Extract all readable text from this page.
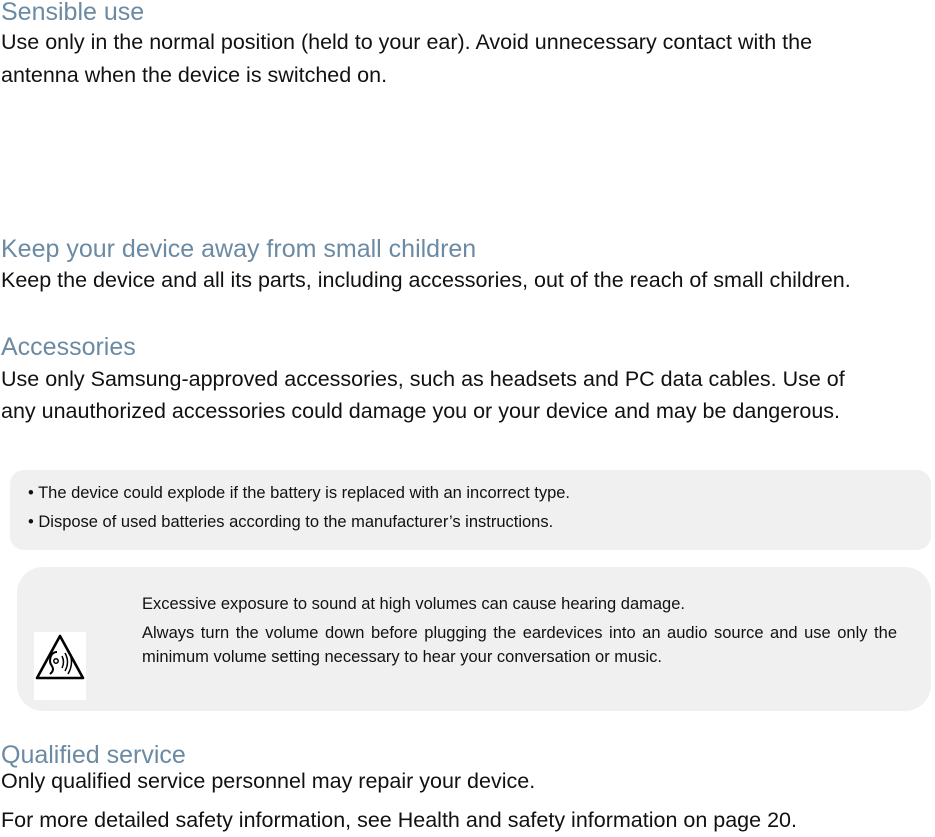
Sensible use

Use only in the normal position (held to your ear). Avoid unnecessary contact with the

antenna when the device is switched on.

Keep your device away from small children

Keep the device and all its parts, including accessories, out of the reach of small children.

Accessories

Use only Samsung-approved accessories, such as headsets and PC data cables. Use of

any unauthorized accessories could damage you or your device and may be dangerous.

• The device could explode if the battery is replaced with an incorrect type.
• Dispose of used batteries according to the manufacturer’s instructions.
Excessive exposure to sound at high volumes can cause hearing damage.

Always turn the volume down before plugging the eardevices into an audio source and use only the minimum volume setting necessary to hear your conversation or music.

Qualified service

Only qualified service personnel may repair your device.

For more detailed safety information, see Health and safety information on page 20.
